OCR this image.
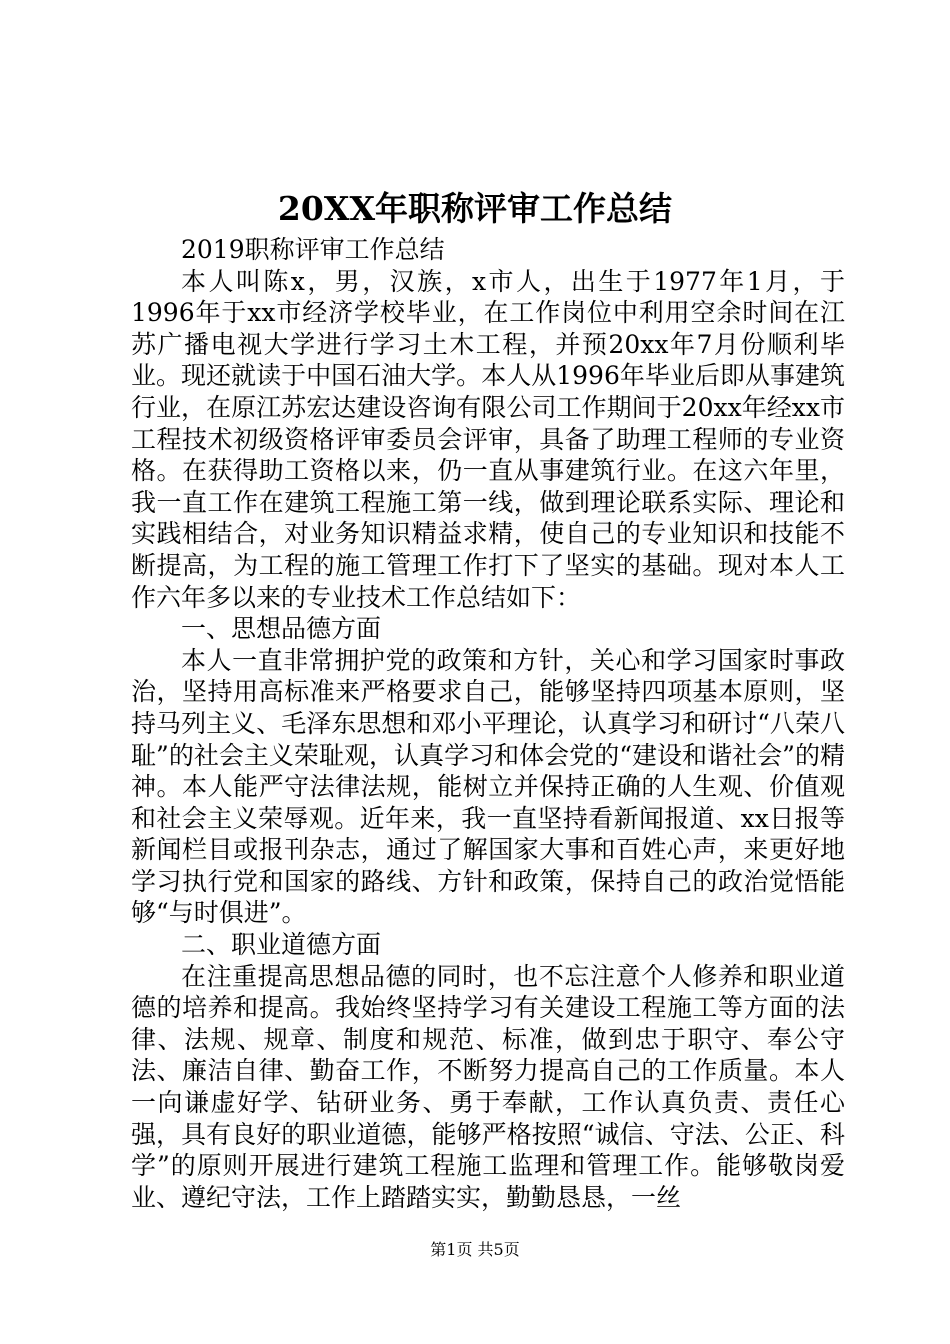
20XX年职称评审工作总结

2019职称评审工作总结

本人叫陈x，男，汉族，x市人，出生于1977年1月，于1996年于xx市经济学校毕业，在工作岗位中利用空余时间在江苏广播电视大学进行学习土木工程，并预20xx年7月份顺利毕业。现还就读于中国石油大学。本人从1996年毕业后即从事建筑行业，在原江苏宏达建设咨询有限公司工作期间于20xx年经xx市工程技术初级资格评审委员会评审，具备了助理工程师的专业资格。在获得助工资格以来，仍一直从事建筑行业。在这六年里，我一直工作在建筑工程施工第一线，做到理论联系实际、理论和实践相结合，对业务知识精益求精，使自己的专业知识和技能不断提高，为工程的施工管理工作打下了坚实的基础。现对本人工作六年多以来的专业技术工作总结如下：

一、思想品德方面

本人一直非常拥护党的政策和方针，关心和学习国家时事政治，坚持用高标准来严格要求自己，能够坚持四项基本原则，坚持马列主义、毛泽东思想和邓小平理论，认真学习和研讨“八荣八耻”的社会主义荣耻观，认真学习和体会党的“建设和谐社会”的精神。本人能严守法律法规，能树立并保持正确的人生观、价值观和社会主义荣辱观。近年来，我一直坚持看新闻报道、xx日报等新闻栏目或报刊杂志，通过了解国家大事和百姓心声，来更好地学习执行党和国家的路线、方针和政策，保持自己的政治觉悟能够“与时俱进”。

二、职业道德方面

在注重提高思想品德的同时，也不忘注意个人修养和职业道德的培养和提高。我始终坚持学习有关建设工程施工等方面的法律、法规、规章、制度和规范、标准，做到忠于职守、奉公守法、廉洁自律、勤奋工作，不断努力提高自己的工作质量。本人一向谦虚好学、钻研业务、勇于奉献，工作认真负责、责任心强，具有良好的职业道德，能够严格按照“诚信、守法、公正、科学”的原则开展进行建筑工程施工监理和管理工作。能够敬岗爱业、遵纪守法，工作上踏踏实实，勤勤恳恳，一丝

第1页 共5页
